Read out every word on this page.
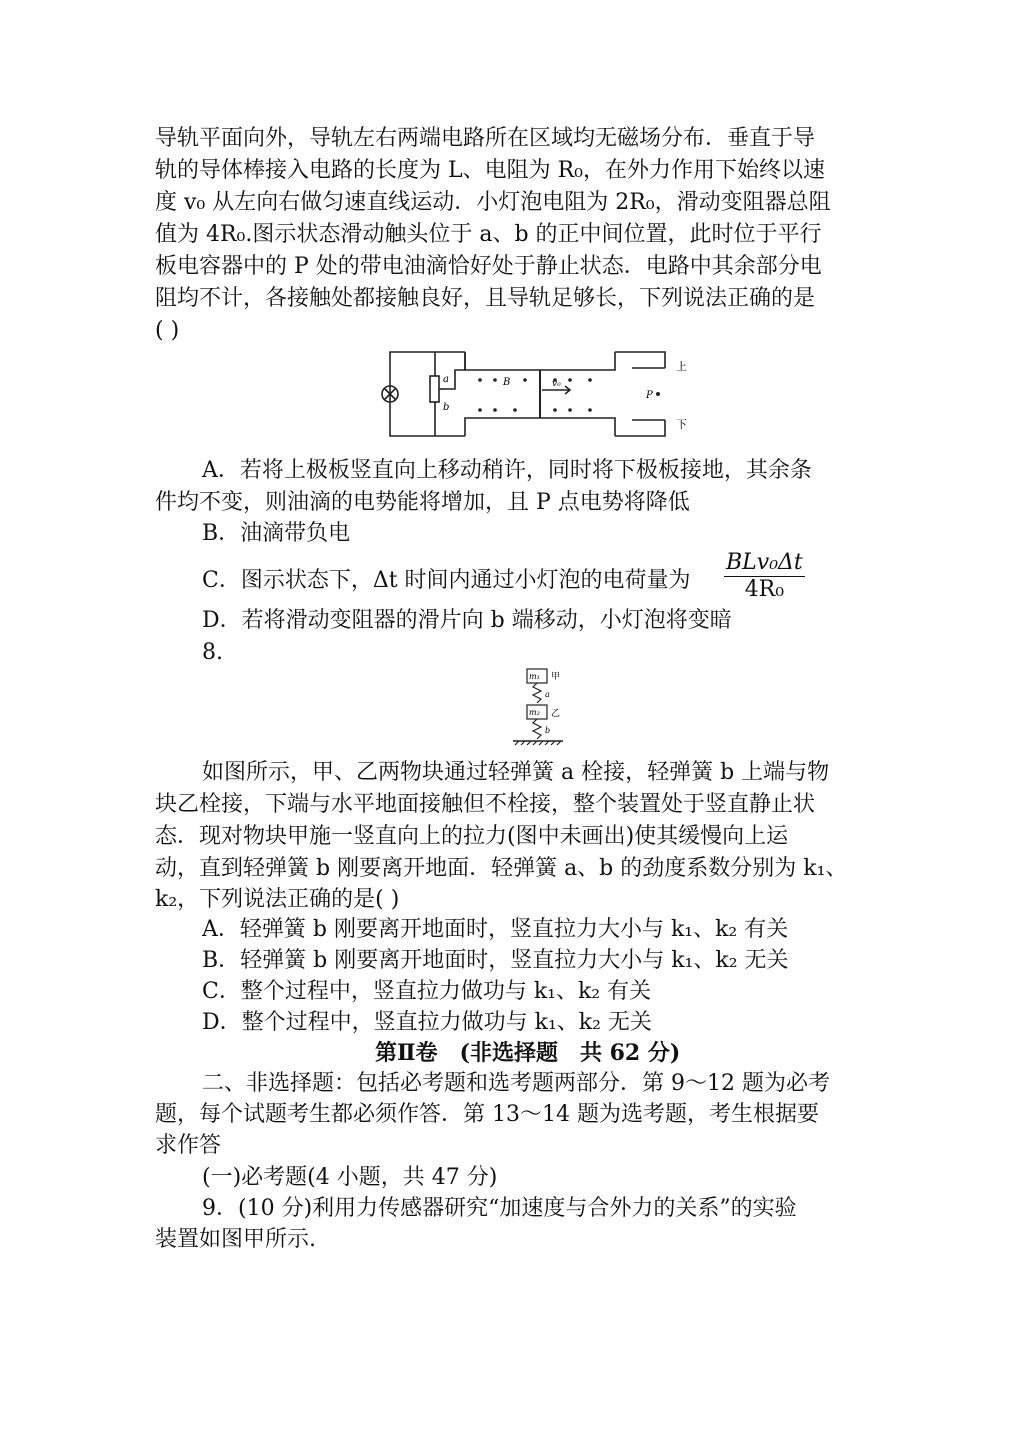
导轨平面向外，导轨左右两端电路所在区域均无磁场分布．垂直于导
轨的导体棒接入电路的长度为 L、电阻为 R₀，在外力作用下始终以速
度 v₀ 从左向右做匀速直线运动．小灯泡电阻为 2R₀，滑动变阻器总阻
值为 4R₀.图示状态滑动触头位于 a、b 的正中间位置，此时位于平行
板电容器中的 P 处的带电油滴恰好处于静止状态．电路中其余部分电
阻均不计，各接触处都接触良好，且导轨足够长，下列说法正确的是
( )
a
b
B	v₀
P
上
下
A．若将上极板竖直向上移动稍许，同时将下极板接地，其余条
件均不变，则油滴的电势能将增加，且 P 点电势将降低
B．油滴带负电
C．图示状态下，Δt 时间内通过小灯泡的电荷量为
BLv₀Δt
4R₀
D．若将滑动变阻器的滑片向 b 端移动，小灯泡将变暗
8.
m₁ 甲
a
m₂ 乙
b
如图所示，甲、乙两物块通过轻弹簧 a 栓接，轻弹簧 b 上端与物
块乙栓接，下端与水平地面接触但不栓接，整个装置处于竖直静止状
态．现对物块甲施一竖直向上的拉力(图中未画出)使其缓慢向上运
动，直到轻弹簧 b 刚要离开地面．轻弹簧 a、b 的劲度系数分别为 k₁、
k₂，下列说法正确的是( )
A．轻弹簧 b 刚要离开地面时，竖直拉力大小与 k₁、k₂ 有关
B．轻弹簧 b 刚要离开地面时，竖直拉力大小与 k₁、k₂ 无关
C．整个过程中，竖直拉力做功与 k₁、k₂ 有关
D．整个过程中，竖直拉力做功与 k₁、k₂ 无关
第Ⅱ卷　(非选择题　共 62 分)
二、非选择题：包括必考题和选考题两部分．第 9～12 题为必考
题，每个试题考生都必须作答．第 13～14 题为选考题，考生根据要
求作答
(一)必考题(4 小题，共 47 分)
9．(10 分)利用力传感器研究“加速度与合外力的关系”的实验
装置如图甲所示.
